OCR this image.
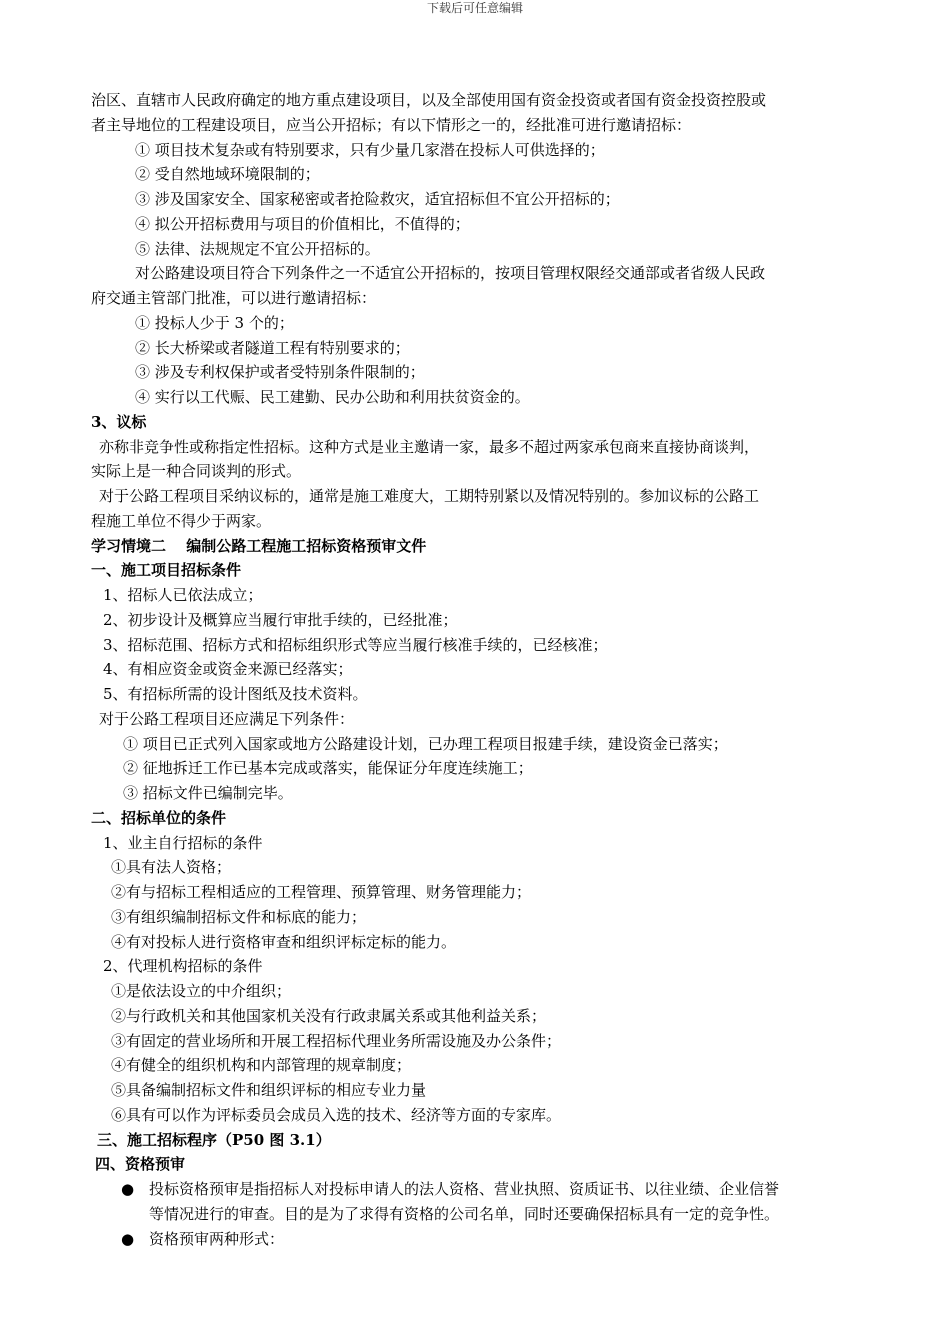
下载后可任意编辑
治区、直辖市人民政府确定的地方重点建设项目，以及全部使用国有资金投资或者国有资金投资控股或
者主导地位的工程建设项目，应当公开招标；有以下情形之一的，经批准可进行邀请招标：
① 项目技术复杂或有特别要求，只有少量几家潜在投标人可供选择的；
② 受自然地域环境限制的；
③ 涉及国家安全、国家秘密或者抢险救灾，适宜招标但不宜公开招标的；
④ 拟公开招标费用与项目的价值相比，不值得的；
⑤ 法律、法规规定不宜公开招标的。
对公路建设项目符合下列条件之一不适宜公开招标的，按项目管理权限经交通部或者省级人民政
府交通主管部门批准，可以进行邀请招标：
① 投标人少于 3 个的；
② 长大桥梁或者隧道工程有特别要求的；
③ 涉及专利权保护或者受特别条件限制的；
④ 实行以工代赈、民工建勤、民办公助和利用扶贫资金的。
3、议标
亦称非竞争性或称指定性招标。这种方式是业主邀请一家，最多不超过两家承包商来直接协商谈判，
实际上是一种合同谈判的形式。
对于公路工程项目采纳议标的，通常是施工难度大，工期特别紧以及情况特别的。参加议标的公路工
程施工单位不得少于两家。
学习情境二　 编制公路工程施工招标资格预审文件
一、施工项目招标条件
1、招标人已依法成立；
2、初步设计及概算应当履行审批手续的，已经批准；
3、招标范围、招标方式和招标组织形式等应当履行核准手续的，已经核准；
4、有相应资金或资金来源已经落实；
5、有招标所需的设计图纸及技术资料。
对于公路工程项目还应满足下列条件：
① 项目已正式列入国家或地方公路建设计划，已办理工程项目报建手续，建设资金已落实；
② 征地拆迁工作已基本完成或落实，能保证分年度连续施工；
③ 招标文件已编制完毕。
二、招标单位的条件
1、业主自行招标的条件
①具有法人资格；
②有与招标工程相适应的工程管理、预算管理、财务管理能力；
③有组织编制招标文件和标底的能力；
④有对投标人进行资格审查和组织评标定标的能力。
2、代理机构招标的条件
①是依法设立的中介组织；
②与行政机关和其他国家机关没有行政隶属关系或其他利益关系；
③有固定的营业场所和开展工程招标代理业务所需设施及办公条件；
④有健全的组织机构和内部管理的规章制度；
⑤具备编制招标文件和组织评标的相应专业力量
⑥具有可以作为评标委员会成员入选的技术、经济等方面的专家库。
三、施工招标程序（P50 图 3.1）
四、资格预审
● 投标资格预审是指招标人对投标申请人的法人资格、营业执照、资质证书、以往业绩、企业信誉
等情况进行的审查。目的是为了求得有资格的公司名单，同时还要确保招标具有一定的竞争性。
● 资格预审两种形式：
